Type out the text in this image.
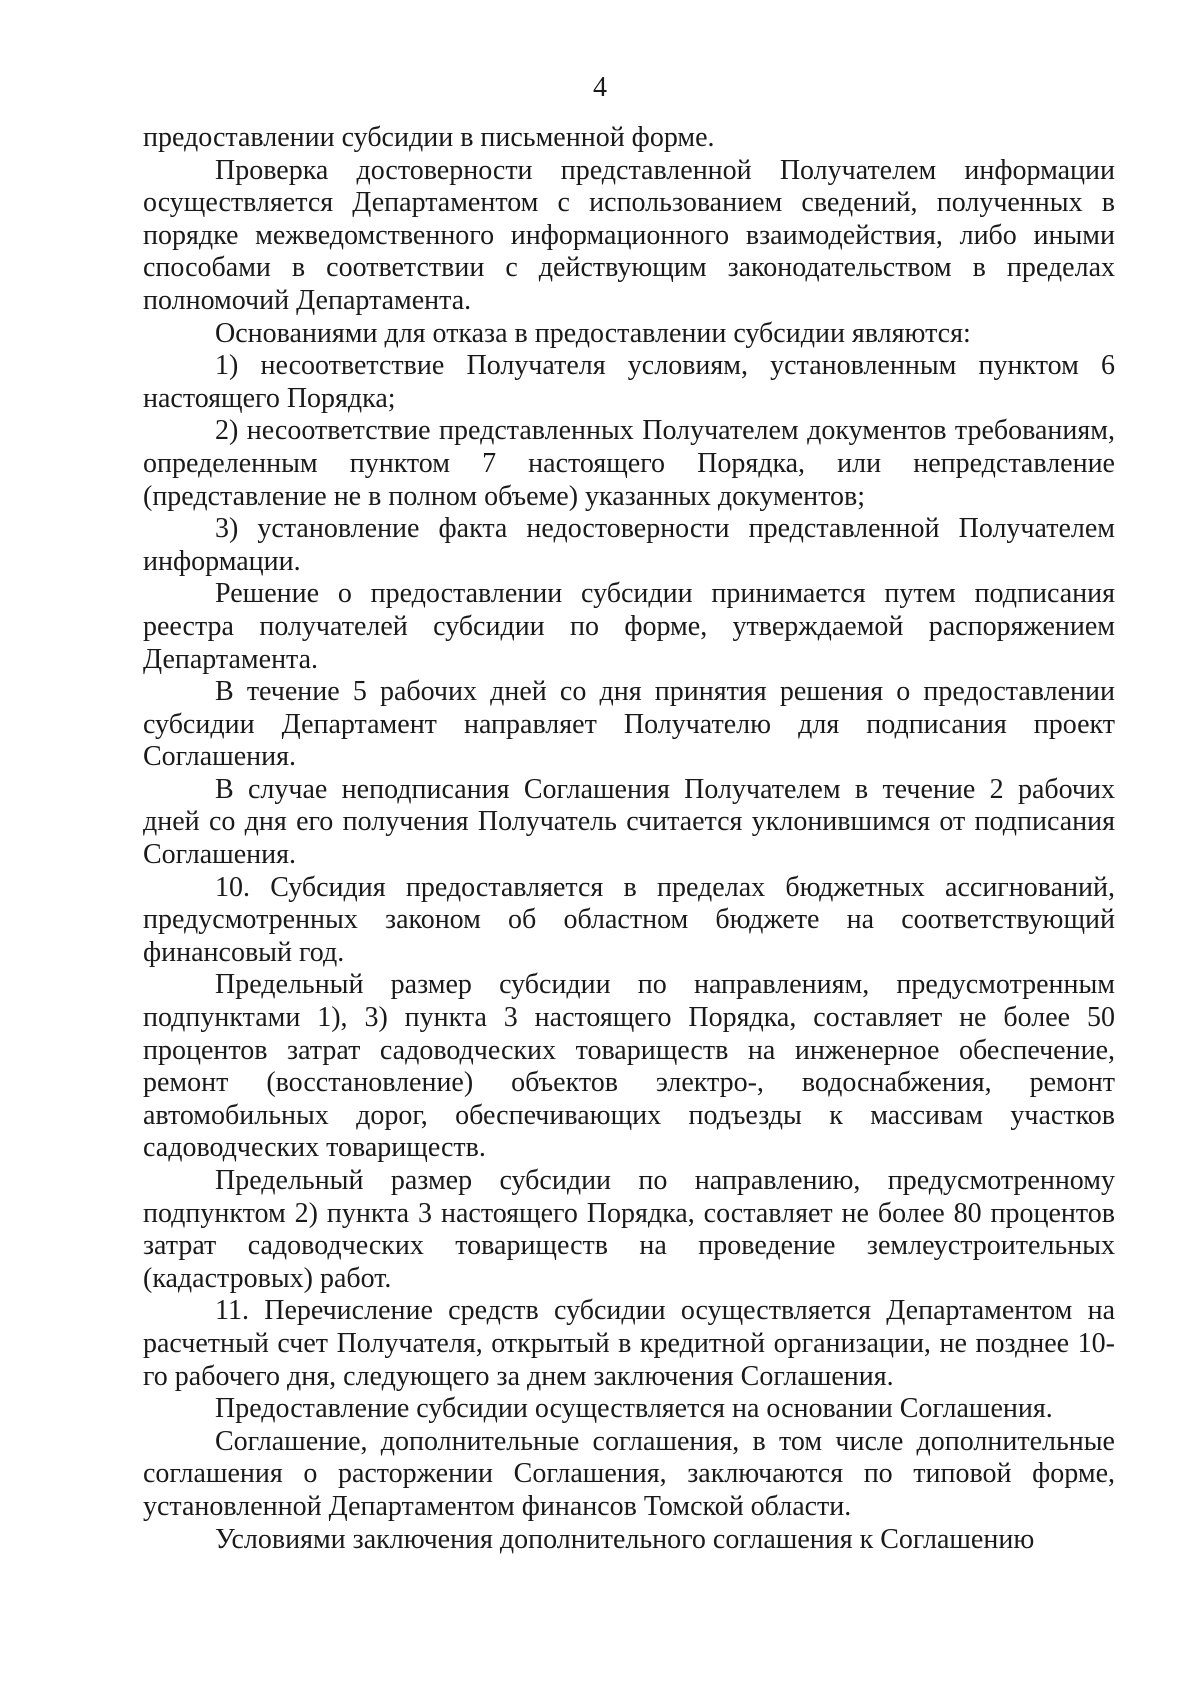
4

предоставлении субсидии в письменной форме.

Проверка достоверности представленной Получателем информации осуществляется Департаментом с использованием сведений, полученных в порядке межведомственного информационного взаимодействия, либо иными способами в соответствии с действующим законодательством в пределах полномочий Департамента.

Основаниями для отказа в предоставлении субсидии являются:

1) несоответствие Получателя условиям, установленным пунктом 6 настоящего Порядка;

2) несоответствие представленных Получателем документов требованиям, определенным пунктом 7 настоящего Порядка, или непредставление (представление не в полном объеме) указанных документов;

3) установление факта недостоверности представленной Получателем информации.

Решение о предоставлении субсидии принимается путем подписания реестра получателей субсидии по форме, утверждаемой распоряжением Департамента.

В течение 5 рабочих дней со дня принятия решения о предоставлении субсидии Департамент направляет Получателю для подписания проект Соглашения.

В случае неподписания Соглашения Получателем в течение 2 рабочих дней со дня его получения Получатель считается уклонившимся от подписания Соглашения.

10. Субсидия предоставляется в пределах бюджетных ассигнований, предусмотренных законом об областном бюджете на соответствующий финансовый год.

Предельный размер субсидии по направлениям, предусмотренным подпунктами 1), 3) пункта 3 настоящего Порядка, составляет не более 50 процентов затрат садоводческих товариществ на инженерное обеспечение, ремонт (восстановление) объектов электро-, водоснабжения, ремонт автомобильных дорог, обеспечивающих подъезды к массивам участков садоводческих товариществ.

Предельный размер субсидии по направлению, предусмотренному подпунктом 2) пункта 3 настоящего Порядка, составляет не более 80 процентов затрат садоводческих товариществ на проведение землеустроительных (кадастровых) работ.

11. Перечисление средств субсидии осуществляется Департаментом на расчетный счет Получателя, открытый в кредитной организации, не позднее 10-го рабочего дня, следующего за днем заключения Соглашения.

Предоставление субсидии осуществляется на основании Соглашения.

Соглашение, дополнительные соглашения, в том числе дополнительные соглашения о расторжении Соглашения, заключаются по типовой форме, установленной Департаментом финансов Томской области.

Условиями заключения дополнительного соглашения к Соглашению
